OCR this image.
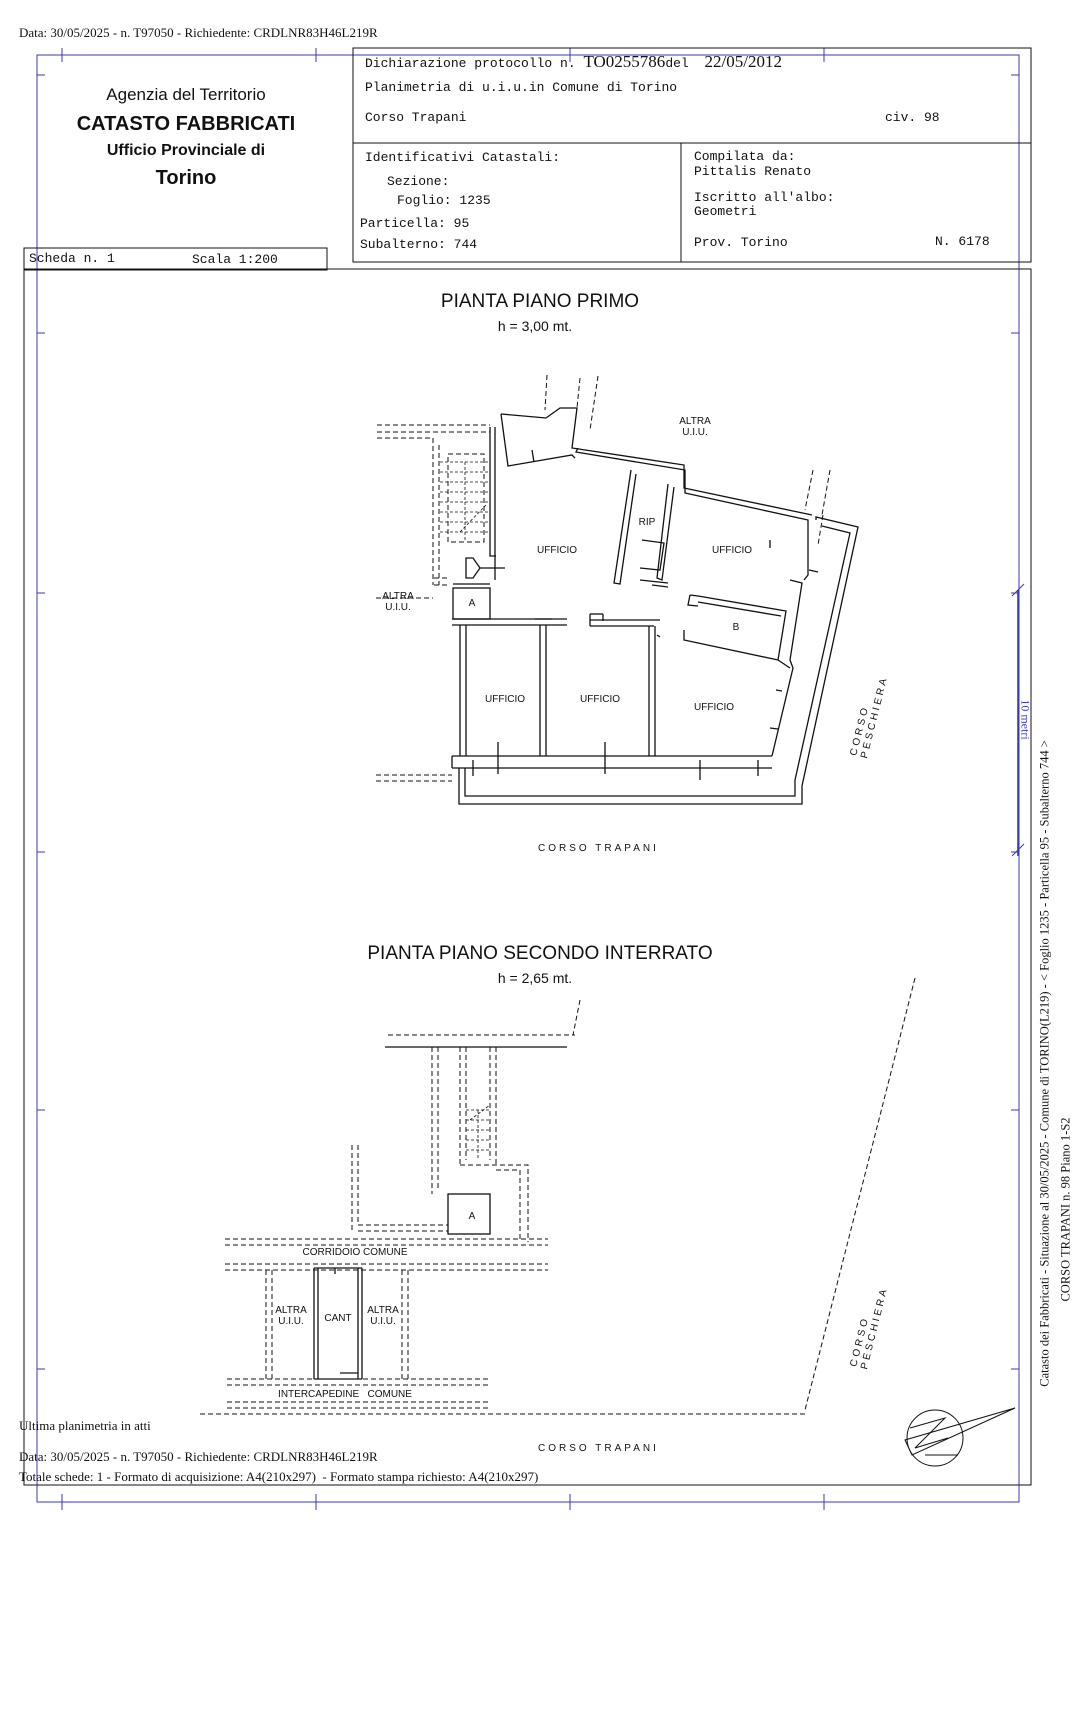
Data: 30/05/2025 - n. T97050 - Richiedente: CRDLNR83H46L219R
Agenzia del Territorio
CATASTO FABBRICATI
Ufficio Provinciale di
Torino
Dichiarazione protocollo n. TO0255786del 22/05/2012
Planimetria di u.i.u.in Comune di Torino
Corso Trapani	civ. 98
Identificativi Catastali:
Sezione:
Foglio: 1235
Particella: 95
Subalterno: 744
Compilata da:
Pittalis Renato
Iscritto all'albo:
Geometri
Prov. Torino	N. 6178
Scheda n. 1	Scala 1:200
PIANTA PIANO PRIMO
h = 3,00 mt.
ALTRA
U.I.U.
ALTRA
U.I.U.
RIP
UFFICIO	UFFICIO
UFFICIO	UFFICIO
UFFICIO
A
B
CORSO PESCHIERA
CORSO TRAPANI
10 metri
PIANTA PIANO SECONDO INTERRATO
h = 2,65 mt.
A
CORRIDOIO COMUNE
ALTRA
U.I.U.
ALTRA
U.I.U.
CANT
INTERCAPEDINE   COMUNE
CORSO PESCHIERA
CORSO TRAPANI
Catasto dei Fabbricati - Situazione al 30/05/2025 - Comune di TORINO(L219) - < Foglio 1235 - Particella 95 - Subalterno 744 > CORSO TRAPANI n. 98 Piano 1-S2
Ultima planimetria in atti
Data: 30/05/2025 - n. T97050 - Richiedente: CRDLNR83H46L219R
Totale schede: 1 - Formato di acquisizione: A4(210x297)  - Formato stampa richiesto: A4(210x297)
